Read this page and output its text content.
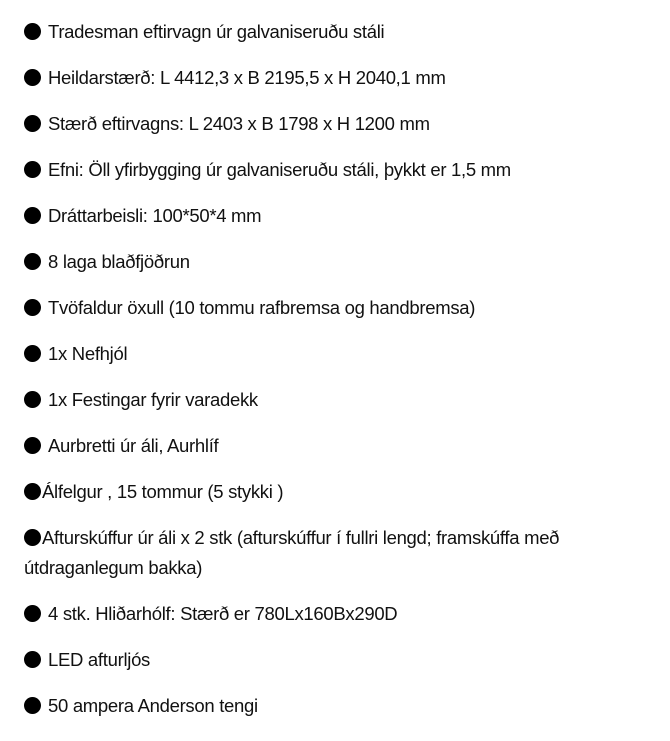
Tradesman eftirvagn úr galvaniseruðu stáli
Heildarstærð: L 4412,3 x B 2195,5 x H 2040,1 mm
Stærð eftirvagns: L 2403 x B 1798 x H 1200 mm
Efni: Öll yfirbygging úr galvaniseruðu stáli, þykkt er 1,5 mm
Dráttarbeisli: 100*50*4 mm
8 laga blaðfjöðrun
Tvöfaldur öxull (10 tommu rafbremsa og handbremsa)
1x Nefhjól
1x Festingar fyrir varadekk
Aurbretti úr áli, Aurhlíf
Álfelgur , 15 tommur (5 stykki )
Afturskúffur úr áli x 2 stk (afturskúffur í fullri lengd; framskúffa með útdraganlegum bakka)
4 stk. Hliðarhólf: Stærð er 780Lx160Bx290D
LED afturljós
50 ampera Anderson tengi
